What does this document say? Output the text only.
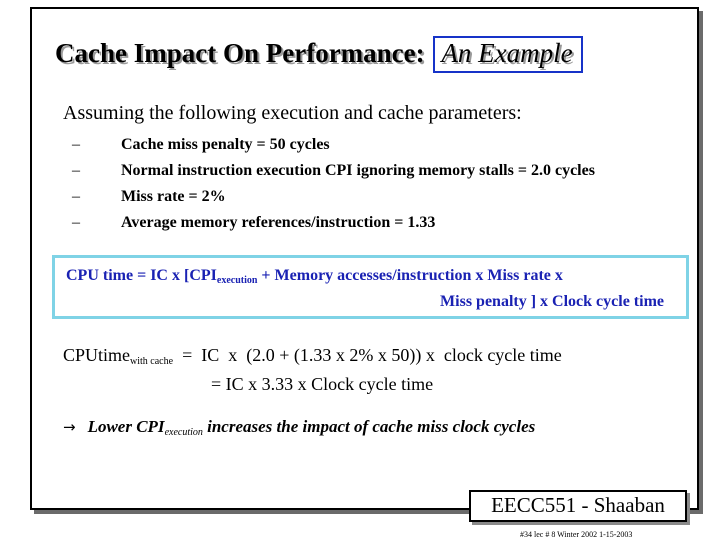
Cache Impact On Performance: An Example
Assuming the following execution and cache parameters:
–	Cache miss penalty = 50 cycles
–	Normal instruction execution CPI ignoring memory stalls = 2.0 cycles
–	Miss rate = 2%
–	Average memory references/instruction = 1.33
CPU time = IC x [$CPI_{execution}$ + Memory accesses/instruction x Miss rate x
Miss penalty ] x Clock cycle time
CPUtime$_{with cache}$  =  IC  x  (2.0 + (1.33 x 2% x 50)) x  clock cycle time
= IC x 3.33 x Clock cycle time
→ Lower $CPI_{execution}$ increases the impact of cache miss clock cycles
EECC551 - Shaaban
#34 lec # 8 Winter 2002 1-15-2003
